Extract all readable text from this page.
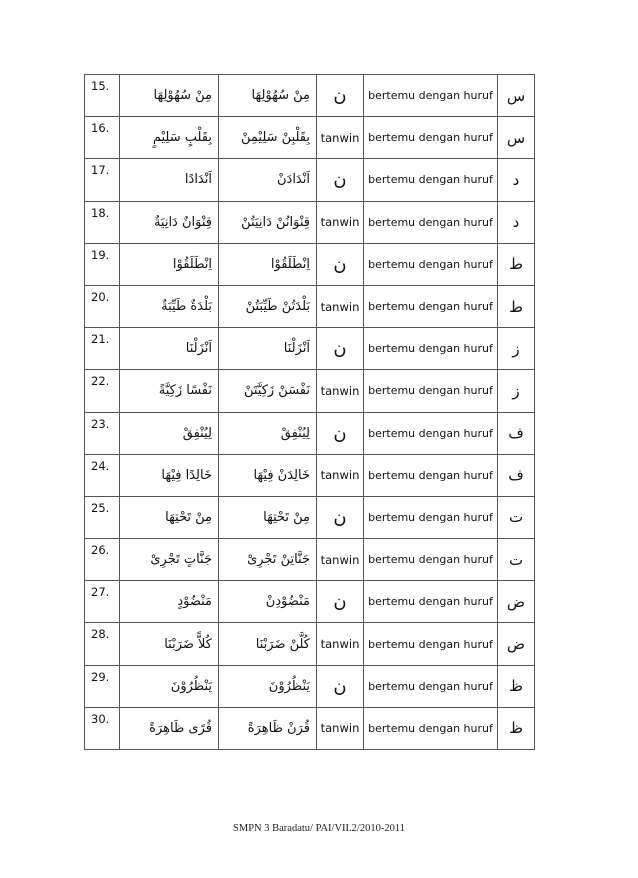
15.	مِنْ سُهُوْلِهَا	مِنْ سُهُوْلِهَا	ن	bertemu dengan huruf	س
16.	بِقَلْبٍ سَلِيْمٍ	بِقَلْبِنْ سَلِيْمِنْ	tanwin	bertemu dengan huruf	س
17.	اَنْدَادًا	اَنْدَادَنْ	ن	bertemu dengan huruf	د
18.	قِنْوَانٌ دَانِيَةٌ	قِنْوَانُنْ دَانِيَتُنْ	tanwin	bertemu dengan huruf	د
19.	اِنْطَلَقُوْا	اِنْطَلَقُوْا	ن	bertemu dengan huruf	ط
20.	بَلْدَةٌ طَيِّبَةٌ	بَلْدَتُنْ طَيِّبَتُنْ	tanwin	bertemu dengan huruf	ط
21.	اَنْزَلْنَا	اَنْزَلْنَا	ن	bertemu dengan huruf	ز
22.	نَفْسًا زَكِيَّةً	نَفْسَنْ زَكِيَّتَنْ	tanwin	bertemu dengan huruf	ز
23.	لِيُنْفِقْ	لِيُنْفِقْ	ن	bertemu dengan huruf	ف
24.	خَالِدًا فِيْهَا	خَالِدَنْ فِيْهَا	tanwin	bertemu dengan huruf	ف
25.	مِنْ تَحْتِهَا	مِنْ تَحْتِهَا	ن	bertemu dengan huruf	ت
26.	جَنَّاتٍ تَجْرِىْ	جَنَّاتِنْ تَجْرِىْ	tanwin	bertemu dengan huruf	ت
27.	مَنْضُوْدٍ	مَنْضُوْدِنْ	ن	bertemu dengan huruf	ض
28.	كُلاًّ ضَرَبْنَا	كُلَّنْ ضَرَبْنَا	tanwin	bertemu dengan huruf	ض
29.	يَنْظُرُوْنَ	يَنْظُرُوْنَ	ن	bertemu dengan huruf	ظ
30.	قُرًى ظَاهِرَةً	قُرَنْ ظَاهِرَةً	tanwin	bertemu dengan huruf	ظ
SMPN 3 Baradatu/ PAI/VII.2/2010-2011
